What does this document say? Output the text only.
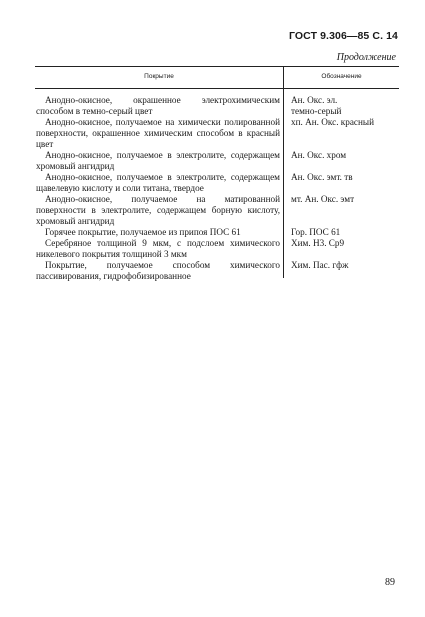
ГОСТ 9.306—85 С. 14
Продолжение
Покрытие	Обозначение
Анодно-окисное, окрашенное электрохимическим способом в темно-серый цвет
Ан. Окс. эл.
темно-серый
Анодно-окисное, получаемое на химически полированной поверхности, окрашенное химическим способом в красный цвет
хп. Ан. Окс. красный
Анодно-окисное, получаемое в электролите, содержащем хромовый ангидрид
Ан. Окс. хром
Анодно-окисное, получаемое в электролите, содержащем щавелевую кислоту и соли титана, твердое
Ан. Окс. эмт. тв
Анодно-окисное, получаемое на матированной поверхности в электролите, содержащем борную кислоту, хромовый ангидрид
мт. Ан. Окс. эмт
Горячее покрытие, получаемое из припоя ПОС 61	Гор. ПОС 61
Серебряное толщиной 9 мкм, с подслоем химического никелевого покрытия толщиной 3 мкм
Хим. Н3. Ср9
Покрытие, получаемое способом химического пассивирования, гидрофобизированное
Хим. Пас. гфж
89
